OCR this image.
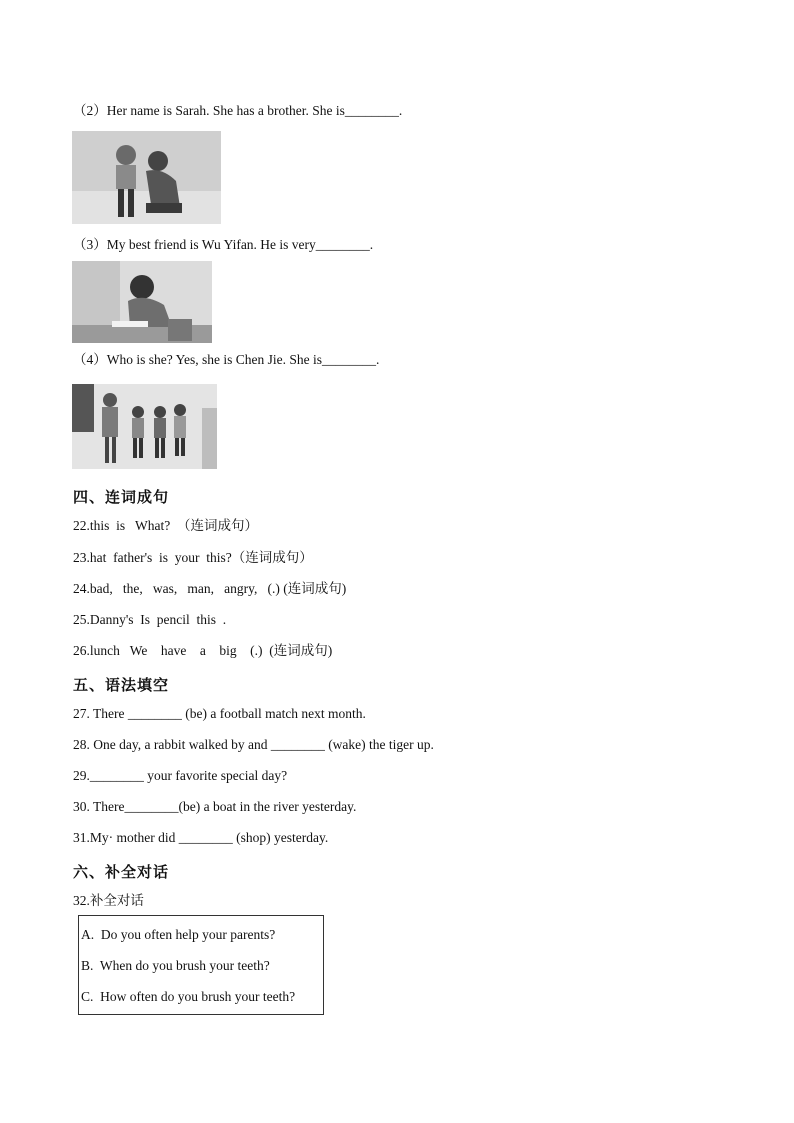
（2）Her name is Sarah. She has a brother. She is________.
（3）My best friend is Wu Yifan. He is very________.
（4）Who is she? Yes, she is Chen Jie. She is________.
四、连词成句
22.this  is   What?  （连词成句）
23.hat  father's  is  your  this?（连词成句）
24.bad,   the,   was,   man,   angry,   (.) (连词成句)
25.Danny's  Is  pencil  this  .
26.lunch   We    have    a    big    (.)  (连词成句)
五、语法填空
27. There ________ (be) a football match next month.
28. One day, a rabbit walked by and ________ (wake) the tiger up.
29.________ your favorite special day?
30. There________(be) a boat in the river yesterday.
31.My· mother did ________ (shop) yesterday.
六、补全对话
32.补全对话
A.  Do you often help your parents?
B.  When do you brush your teeth?
C.  How often do you brush your teeth?
